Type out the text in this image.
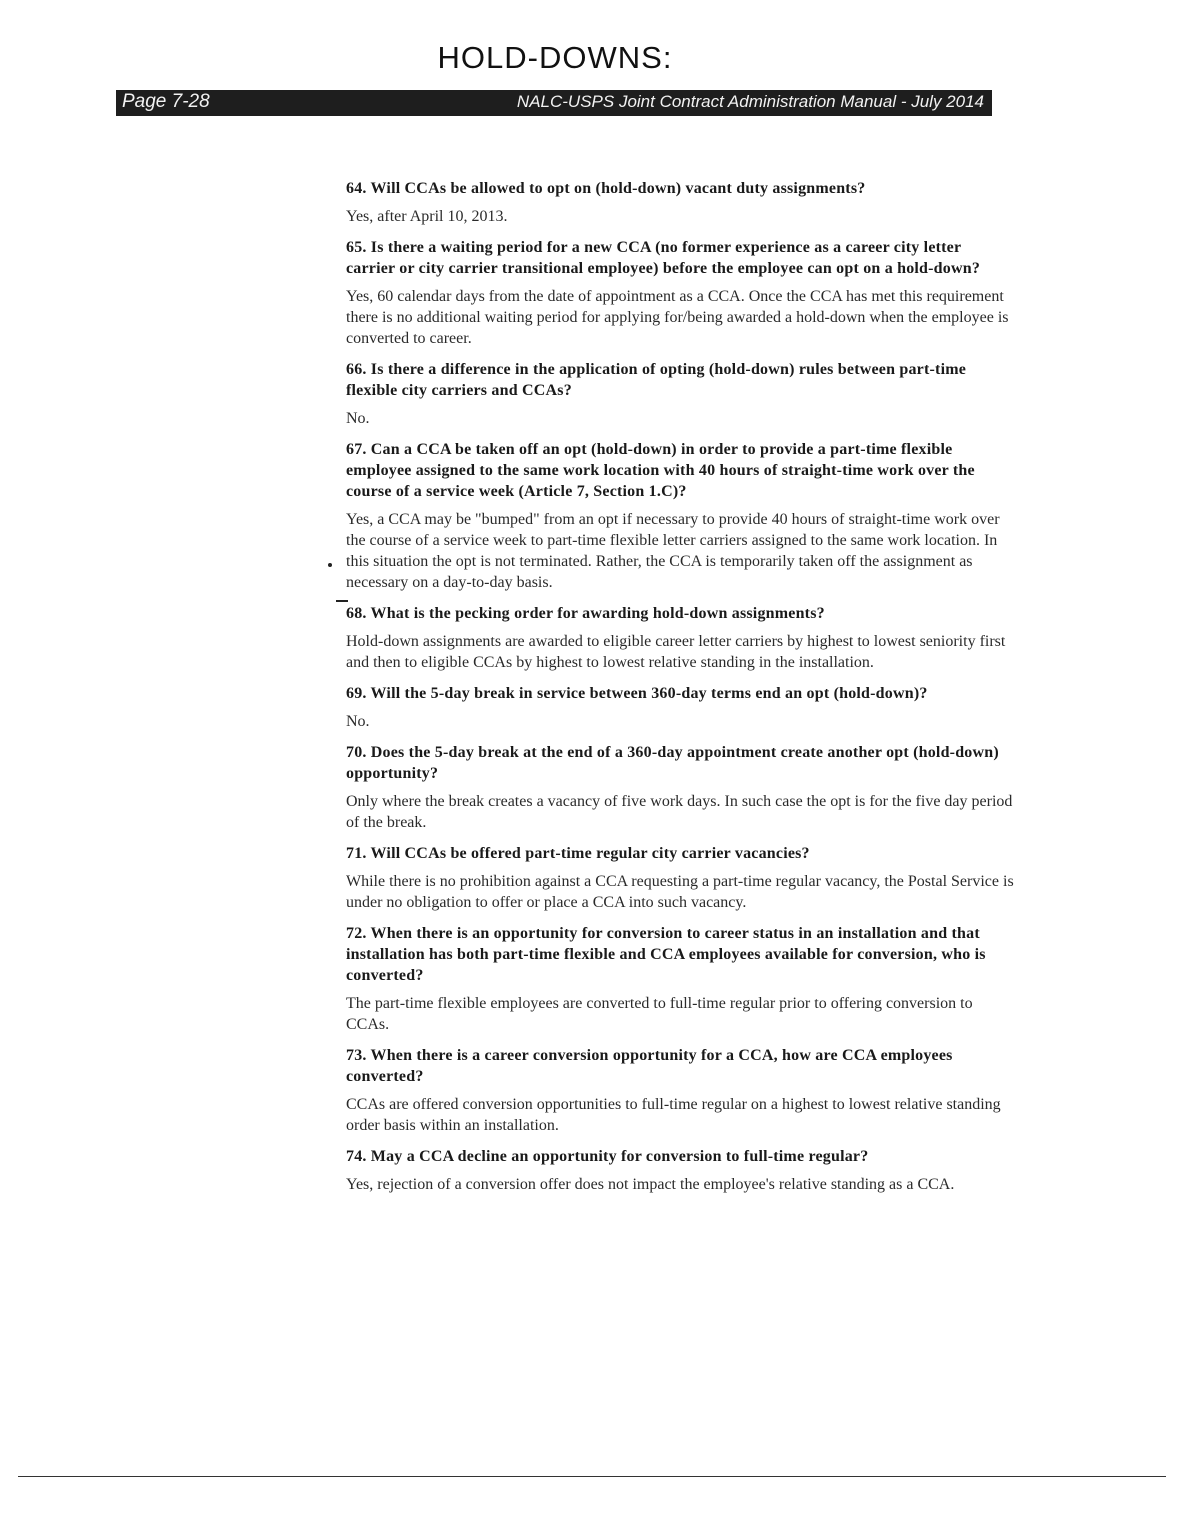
HOLD-DOWNS:
Page 7-28	NALC-USPS Joint Contract Administration Manual - July 2014

64. Will CCAs be allowed to opt on (hold-down) vacant duty assignments?

Yes, after April 10, 2013.

65. Is there a waiting period for a new CCA (no former experience as a career city letter carrier or city carrier transitional employee) before the employee can opt on a hold-down?

Yes, 60 calendar days from the date of appointment as a CCA. Once the CCA has met this requirement there is no additional waiting period for applying for/being awarded a hold-down when the employee is converted to career.

66. Is there a difference in the application of opting (hold-down) rules between part-time flexible city carriers and CCAs?

No.

67. Can a CCA be taken off an opt (hold-down) in order to provide a part-time flexible employee assigned to the same work location with 40 hours of straight-time work over the course of a service week (Article 7, Section 1.C)?

Yes, a CCA may be "bumped" from an opt if necessary to provide 40 hours of straight-time work over the course of a service week to part-time flexible letter carriers assigned to the same work location. In this situation the opt is not terminated. Rather, the CCA is temporarily taken off the assignment as necessary on a day-to-day basis.

68. What is the pecking order for awarding hold-down assignments?

Hold-down assignments are awarded to eligible career letter carriers by highest to lowest seniority first and then to eligible CCAs by highest to lowest relative standing in the installation.

69. Will the 5-day break in service between 360-day terms end an opt (hold-down)?

No.

70. Does the 5-day break at the end of a 360-day appointment create another opt (hold-down) opportunity?

Only where the break creates a vacancy of five work days. In such case the opt is for the five day period of the break.

71. Will CCAs be offered part-time regular city carrier vacancies?

While there is no prohibition against a CCA requesting a part-time regular vacancy, the Postal Service is under no obligation to offer or place a CCA into such vacancy.

72. When there is an opportunity for conversion to career status in an installation and that installation has both part-time flexible and CCA employees available for conversion, who is converted?

The part-time flexible employees are converted to full-time regular prior to offering conversion to CCAs.

73. When there is a career conversion opportunity for a CCA, how are CCA employees converted?

CCAs are offered conversion opportunities to full-time regular on a highest to lowest relative standing order basis within an installation.

74. May a CCA decline an opportunity for conversion to full-time regular?

Yes, rejection of a conversion offer does not impact the employee's relative standing as a CCA.
